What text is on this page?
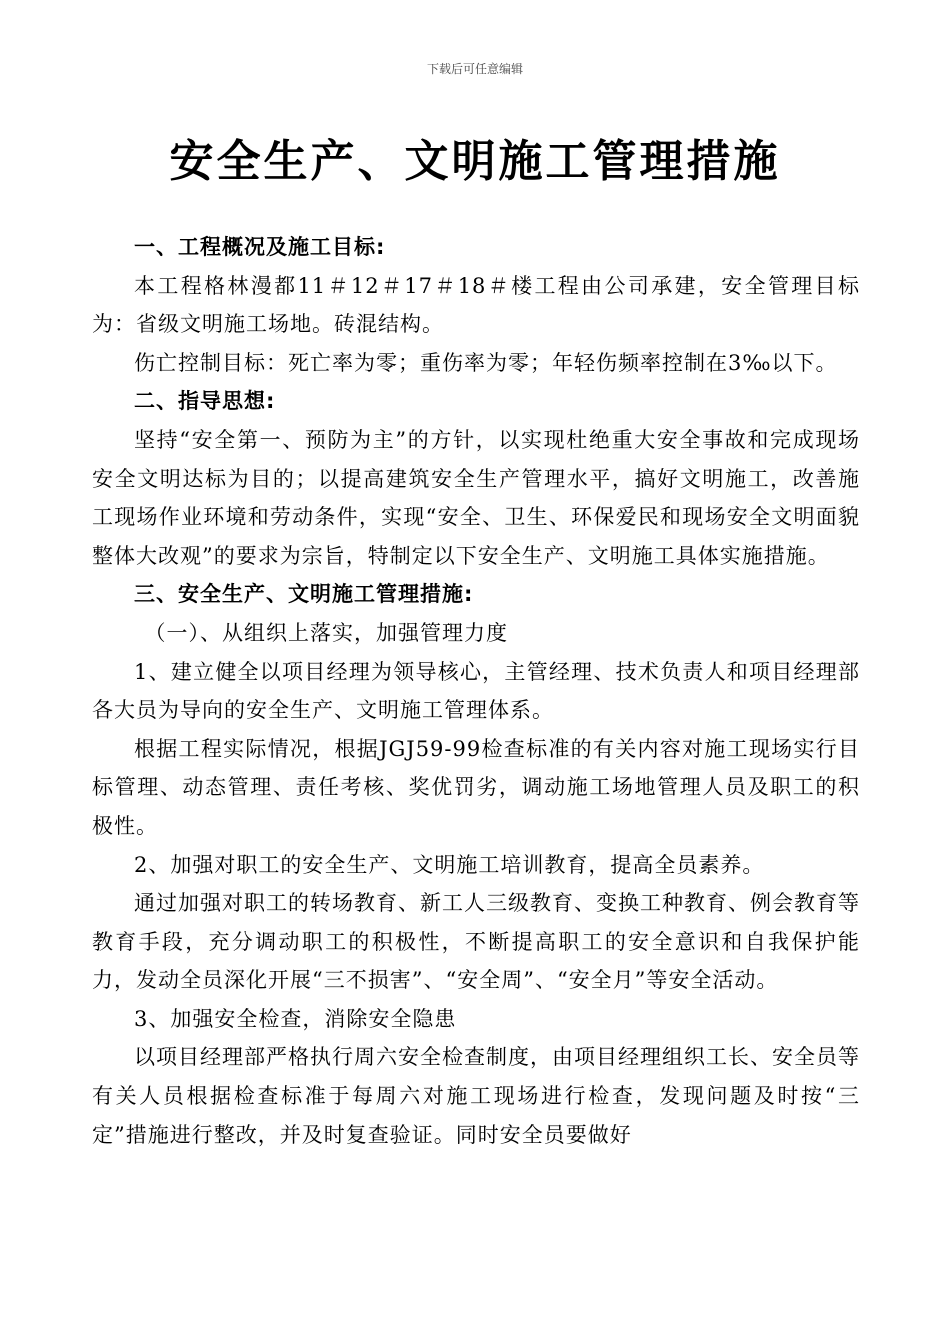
下载后可任意编辑
安全生产、文明施工管理措施

一、工程概况及施工目标:

本工程格林漫都11＃12＃17＃18＃楼工程由公司承建，安全管理目标为：省级文明施工场地。砖混结构。

伤亡控制目标：死亡率为零；重伤率为零；年轻伤频率控制在3‰以下。

二、指导思想:

坚持“安全第一、预防为主”的方针，以实现杜绝重大安全事故和完成现场安全文明达标为目的；以提高建筑安全生产管理水平，搞好文明施工，改善施工现场作业环境和劳动条件，实现“安全、卫生、环保爱民和现场安全文明面貌整体大改观”的要求为宗旨，特制定以下安全生产、文明施工具体实施措施。

三、安全生产、文明施工管理措施:

（一）、从组织上落实，加强管理力度

1、建立健全以项目经理为领导核心，主管经理、技术负责人和项目经理部各大员为导向的安全生产、文明施工管理体系。

根据工程实际情况，根据JGJ59-99检查标准的有关内容对施工现场实行目标管理、动态管理、责任考核、奖优罚劣，调动施工场地管理人员及职工的积极性。

2、加强对职工的安全生产、文明施工培训教育，提高全员素养。

通过加强对职工的转场教育、新工人三级教育、变换工种教育、例会教育等教育手段，充分调动职工的积极性，不断提高职工的安全意识和自我保护能力，发动全员深化开展“三不损害”、“安全周”、“安全月”等安全活动。

3、加强安全检查，消除安全隐患

以项目经理部严格执行周六安全检查制度，由项目经理组织工长、安全员等有关人员根据检查标准于每周六对施工现场进行检查，发现问题及时按“三定”措施进行整改，并及时复查验证。同时安全员要做好
